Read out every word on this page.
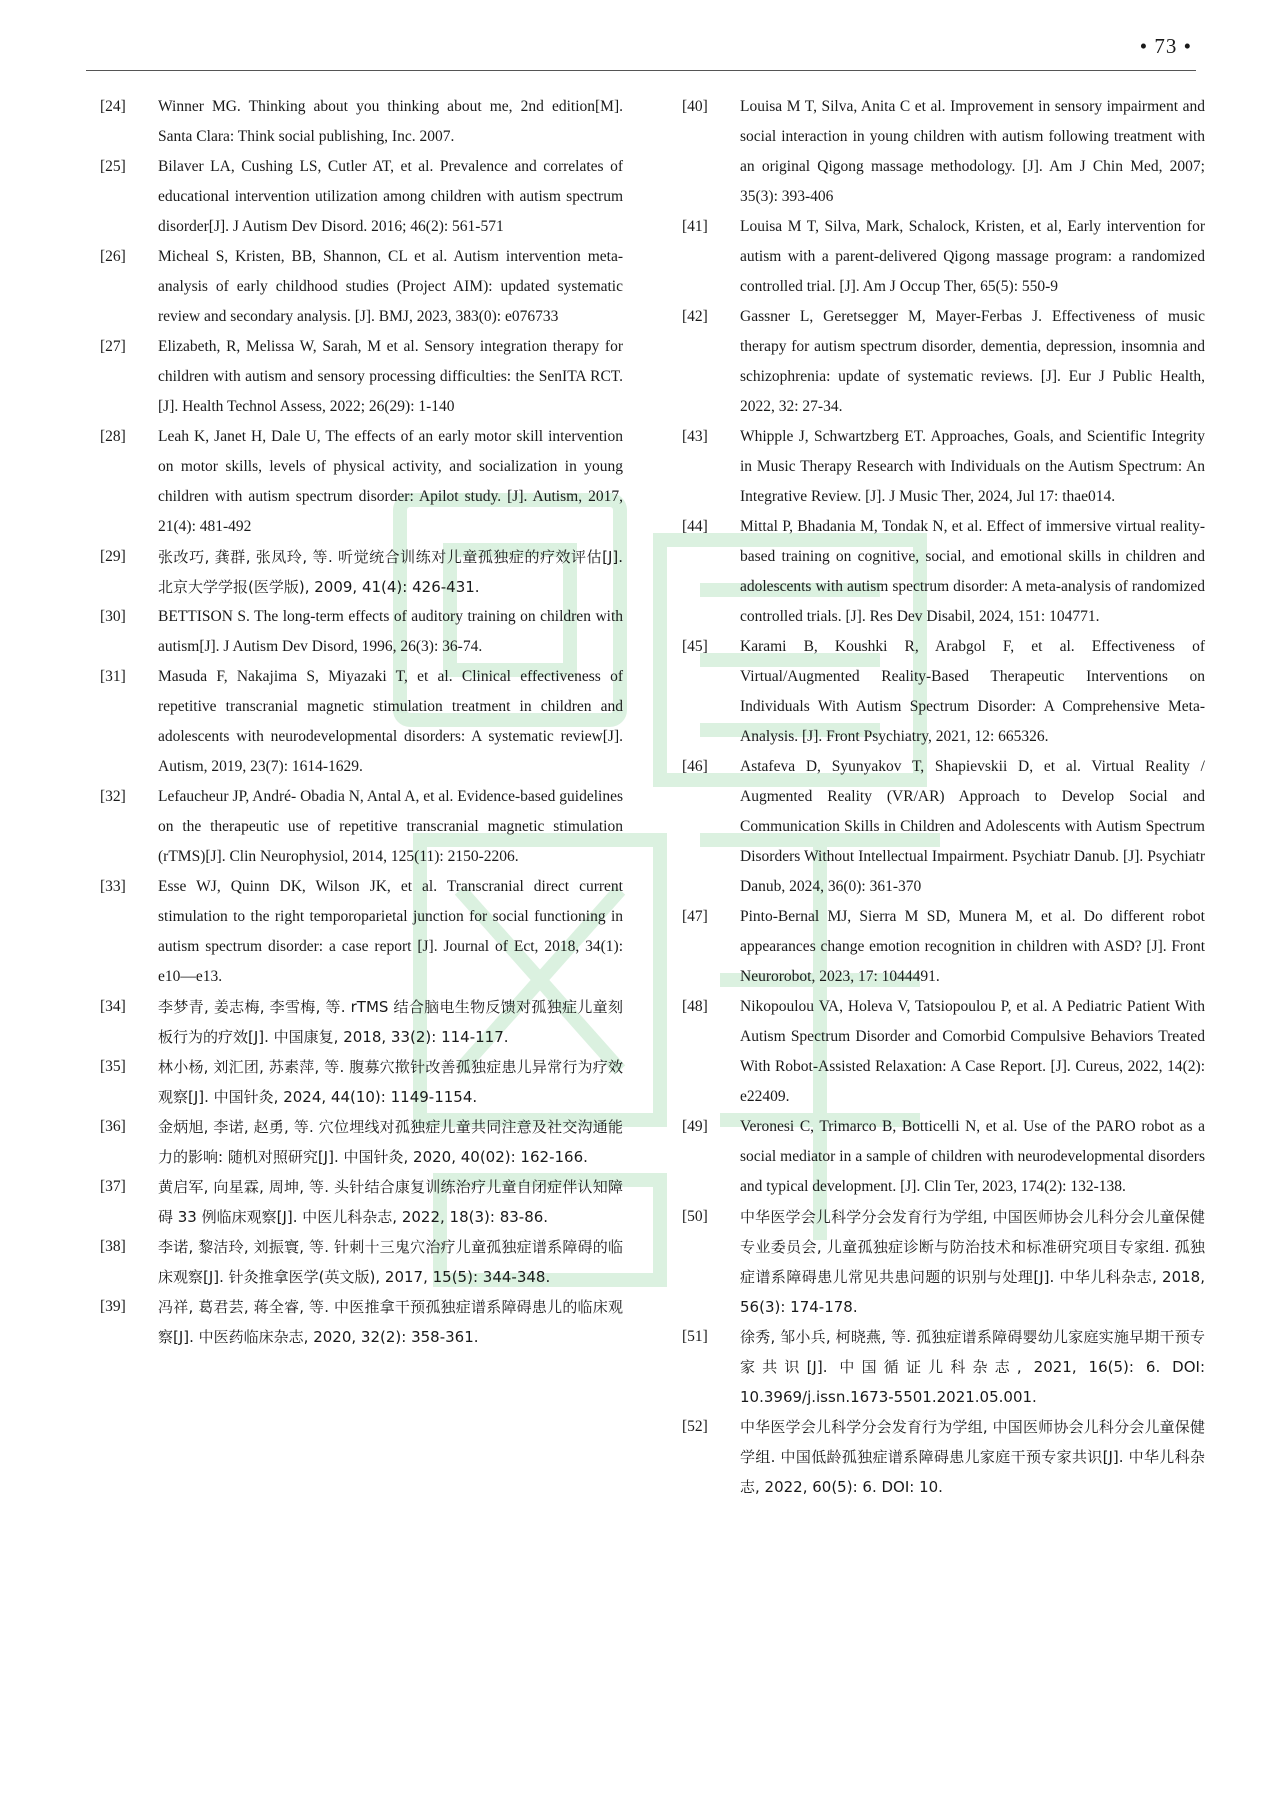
• 73 •
[24]	Winner MG. Thinking about you thinking about me, 2nd edition[M]. Santa Clara: Think social publishing, Inc. 2007.
[25]	Bilaver LA, Cushing LS, Cutler AT, et al. Prevalence and correlates of educational intervention utilization among children with autism spectrum disorder[J]. J Autism Dev Disord. 2016; 46(2): 561-571
[26]	Micheal S, Kristen, BB, Shannon, CL et al. Autism intervention meta-analysis of early childhood studies (Project AIM): updated systematic review and secondary analysis. [J]. BMJ, 2023, 383(0): e076733
[27]	Elizabeth, R, Melissa W, Sarah, M et al. Sensory integration therapy for children with autism and sensory processing difficulties: the SenITA RCT. [J]. Health Technol Assess, 2022; 26(29): 1-140
[28]	Leah K, Janet H, Dale U, The effects of an early motor skill intervention on motor skills, levels of physical activity, and socialization in young children with autism spectrum disorder: Apilot study. [J]. Autism, 2017, 21(4): 481-492
[29]	张改巧, 龚群, 张凤玲, 等. 听觉统合训练对儿童孤独症的疗效评估[J]. 北京大学学报(医学版), 2009, 41(4): 426-431.
[30]	BETTISON S. The long-term effects of auditory training on children with autism[J]. J Autism Dev Disord, 1996, 26(3): 36-74.
[31]	Masuda F, Nakajima S, Miyazaki T, et al. Clinical effectiveness of repetitive transcranial magnetic stimulation treatment in children and adolescents with neurodevelopmental disorders: A systematic review[J]. Autism, 2019, 23(7): 1614-1629.
[32]	Lefaucheur JP, André- Obadia N, Antal A, et al. Evidence-based guidelines on the therapeutic use of repetitive transcranial magnetic stimulation (rTMS)[J]. Clin Neurophysiol, 2014, 125(11): 2150-2206.
[33]	Esse WJ, Quinn DK, Wilson JK, et al. Transcranial direct current stimulation to the right temporoparietal junction for social functioning in autism spectrum disorder: a case report [J]. Journal of Ect, 2018, 34(1): e10—e13.
[34]	李梦青, 姜志梅, 李雪梅, 等. rTMS 结合脑电生物反馈对孤独症儿童刻板行为的疗效[J]. 中国康复, 2018, 33(2): 114-117.
[35]	林小杨, 刘汇团, 苏素萍, 等. 腹募穴揿针改善孤独症患儿异常行为疗效观察[J]. 中国针灸, 2024, 44(10): 1149-1154.
[36]	金炳旭, 李诺, 赵勇, 等. 穴位埋线对孤独症儿童共同注意及社交沟通能力的影响: 随机对照研究[J]. 中国针灸, 2020, 40(02): 162-166.
[37]	黄启军, 向星霖, 周坤, 等. 头针结合康复训练治疗儿童自闭症伴认知障碍 33 例临床观察[J]. 中医儿科杂志, 2022, 18(3): 83-86.
[38]	李诺, 黎洁玲, 刘振寰, 等. 针刺十三鬼穴治疗儿童孤独症谱系障碍的临床观察[J]. 针灸推拿医学(英文版), 2017, 15(5): 344-348.
[39]	冯祥, 葛君芸, 蒋全睿, 等. 中医推拿干预孤独症谱系障碍患儿的临床观察[J]. 中医药临床杂志, 2020, 32(2): 358-361.
[40]	Louisa M T, Silva, Anita C et al. Improvement in sensory impairment and social interaction in young children with autism following treatment with an original Qigong massage methodology. [J]. Am J Chin Med, 2007; 35(3): 393-406
[41]	Louisa M T, Silva, Mark, Schalock, Kristen, et al, Early intervention for autism with a parent-delivered Qigong massage program: a randomized controlled trial. [J]. Am J Occup Ther, 65(5): 550-9
[42]	Gassner L, Geretsegger M, Mayer-Ferbas J. Effectiveness of music therapy for autism spectrum disorder, dementia, depression, insomnia and schizophrenia: update of systematic reviews. [J]. Eur J Public Health, 2022, 32: 27-34.
[43]	Whipple J, Schwartzberg ET. Approaches, Goals, and Scientific Integrity in Music Therapy Research with Individuals on the Autism Spectrum: An Integrative Review. [J]. J Music Ther, 2024, Jul 17: thae014.
[44]	Mittal P, Bhadania M, Tondak N, et al. Effect of immersive virtual reality-based training on cognitive, social, and emotional skills in children and adolescents with autism spectrum disorder: A meta-analysis of randomized controlled trials. [J]. Res Dev Disabil, 2024, 151: 104771.
[45]	Karami B, Koushki R, Arabgol F, et al. Effectiveness of Virtual/Augmented Reality-Based Therapeutic Interventions on Individuals With Autism Spectrum Disorder: A Comprehensive Meta-Analysis. [J]. Front Psychiatry, 2021, 12: 665326.
[46]	Astafeva D, Syunyakov T, Shapievskii D, et al. Virtual Reality / Augmented Reality (VR/AR) Approach to Develop Social and Communication Skills in Children and Adolescents with Autism Spectrum Disorders Without Intellectual Impairment. Psychiatr Danub. [J]. Psychiatr Danub, 2024, 36(0): 361-370
[47]	Pinto-Bernal MJ, Sierra M SD, Munera M, et al. Do different robot appearances change emotion recognition in children with ASD? [J]. Front Neurorobot, 2023, 17: 1044491.
[48]	Nikopoulou VA, Holeva V, Tatsiopoulou P, et al. A Pediatric Patient With Autism Spectrum Disorder and Comorbid Compulsive Behaviors Treated With Robot-Assisted Relaxation: A Case Report. [J]. Cureus, 2022, 14(2): e22409.
[49]	Veronesi C, Trimarco B, Botticelli N, et al. Use of the PARO robot as a social mediator in a sample of children with neurodevelopmental disorders and typical development. [J]. Clin Ter, 2023, 174(2): 132-138.
[50]	中华医学会儿科学分会发育行为学组, 中国医师协会儿科分会儿童保健专业委员会, 儿童孤独症诊断与防治技术和标准研究项目专家组. 孤独症谱系障碍患儿常见共患问题的识别与处理[J]. 中华儿科杂志, 2018, 56(3): 174-178.
[51]	徐秀, 邹小兵, 柯晓燕, 等. 孤独症谱系障碍婴幼儿家庭实施早期干预专家共识[J]. 中国循证儿科杂志, 2021, 16(5): 6. DOI: 10.3969/j.issn.1673-5501.2021.05.001.
[52]	中华医学会儿科学分会发育行为学组, 中国医师协会儿科分会儿童保健学组. 中国低龄孤独症谱系障碍患儿家庭干预专家共识[J]. 中华儿科杂志, 2022, 60(5): 6. DOI: 10.
